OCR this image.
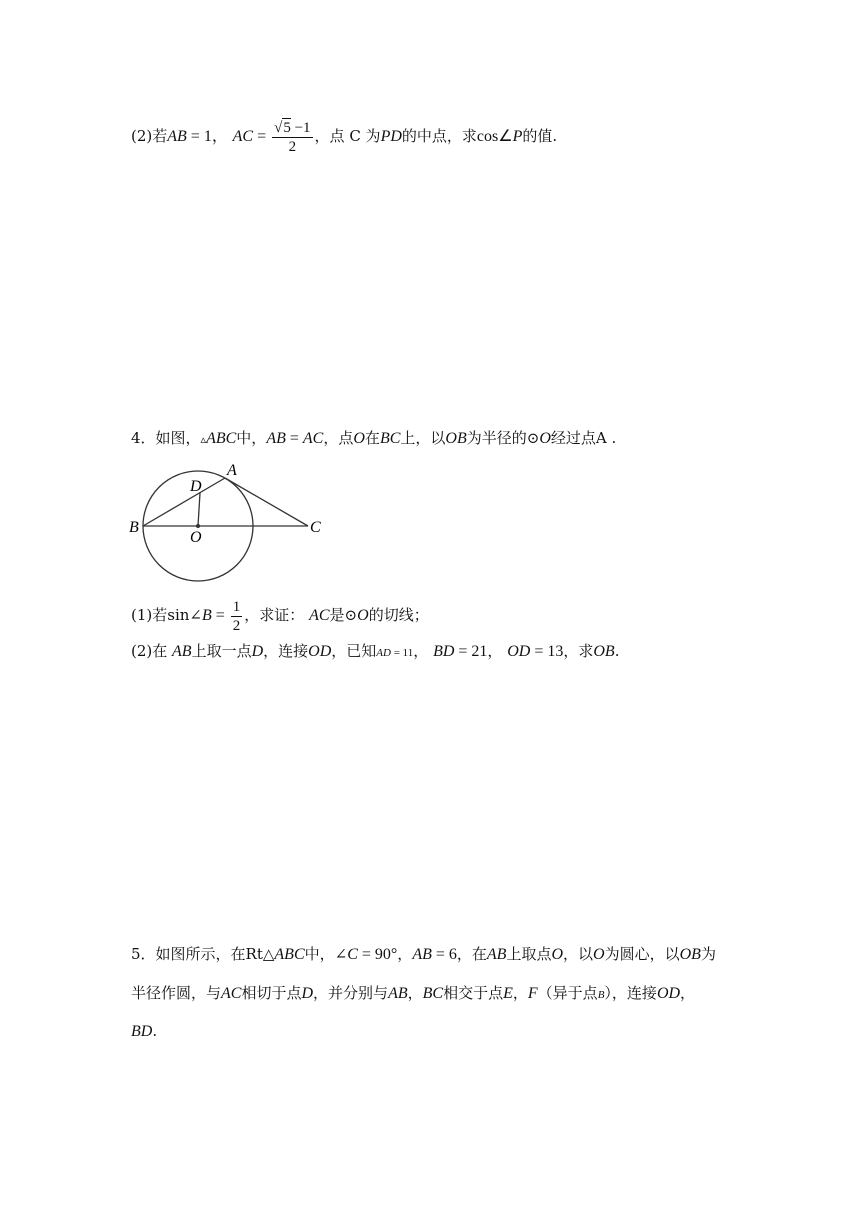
(2)若AB = 1， AC = $\frac{√5 -1}{2}$ ，点 C 为PD的中点，求cos∠P的值.
4．如图，▵ABC中，AB = AC，点O在BC上，以OB为半径的⊙O经过点A .
A
B	C
D
O
(1)若sin∠B = $\frac{1}{2}$ ，求证： AC是⊙O的切线；
(2)在 AB上取一点D，连接OD，已知AD = 11， BD = 21， OD = 13，求OB.
5．如图所示，在Rt△ABC中，∠C = 90°，AB = 6，在AB上取点O，以O为圆心，以OB为
半径作圆，与AC相切于点D，并分别与AB，BC相交于点E，F（异于点B），连接OD，
BD.
